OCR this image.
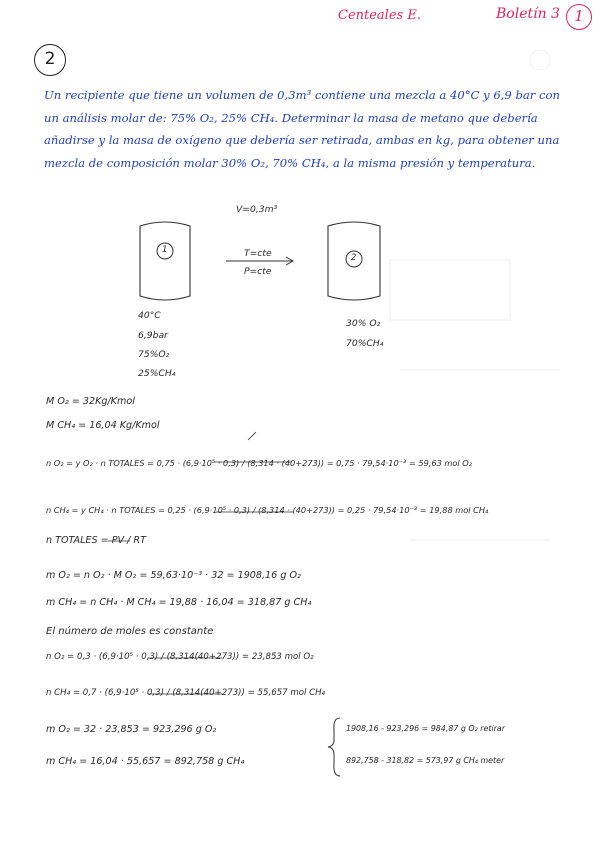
Centeales E.	Boletín 3 1
2

Un recipiente que tiene un volumen de 0,3m³ contiene una mezcla a 40°C y 6,9 bar con un análisis molar de: 75% O₂, 25% CH₄. Determinar la masa de metano que debería añadirse y la masa de oxígeno que debería ser retirada, ambas en kg, para obtener una mezcla de composición molar 30% O₂, 70% CH₄, a la misma presión y temperatura.

V=0,3m³
1
2
T=cte
P=cte
40°C
6,9bar
75%O₂
25%CH₄
30% O₂
70%CH₄
M O₂ = 32Kg/Kmol
M CH₄ = 16,04 Kg/Kmol
n O₂ = y O₂ · n TOTALES = 0,75 · (6,9·10⁵ · 0,3) / (8,314 · (40+273)) = 0,75 · 79,54·10⁻³ = 59,63 mol O₂
n CH₄ = y CH₄ · n TOTALES = 0,25 · (6,9·10⁵ · 0,3) / (8,314 · (40+273)) = 0,25 · 79,54·10⁻³ = 19,88 mol CH₄
n TOTALES = PV / RT
m O₂ = n O₂ · M O₂ = 59,63·10⁻³ · 32 = 1908,16 g O₂
m CH₄ = n CH₄ · M CH₄ = 19,88 · 16,04 = 318,87 g CH₄
El número de moles es constante
n O₂ = 0,3 · (6,9·10⁵ · 0,3) / (8,314(40+273)) = 23,853 mol O₂
n CH₄ = 0,7 · (6,9·10⁵ · 0,3) / (8,314(40+273)) = 55,657 mol CH₄
m O₂ = 32 · 23,853 = 923,296 g O₂
m CH₄ = 16,04 · 55,657 = 892,758 g CH₄
1908,16 - 923,296 = 984,87 g O₂ retirar
892,758 - 318,82 = 573,97 g CH₄ meter
